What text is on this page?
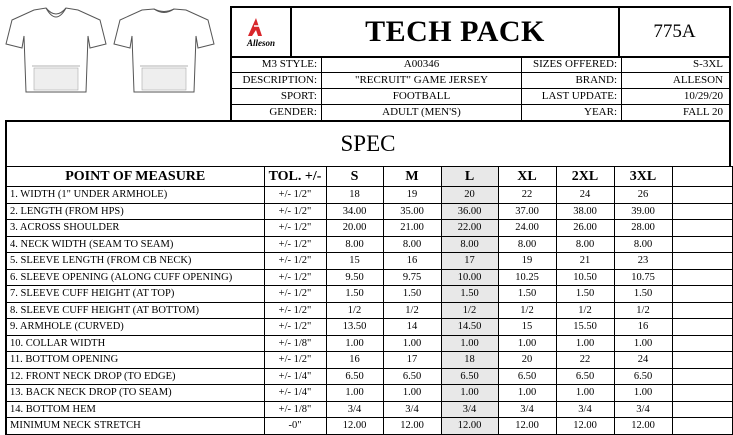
Alleson	TECH PACK	775A
M3 STYLE:	A00346	SIZES OFFERED:	S-3XL
DESCRIPTION:	"RECRUIT" GAME JERSEY	BRAND:	ALLESON
SPORT:	FOOTBALL	LAST UPDATE:	10/29/20
GENDER:	ADULT (MEN'S)	YEAR:	FALL 20
SPEC
POINT OF MEASURE	TOL. +/-	S	M	L	XL	2XL	3XL	
1. WIDTH (1" UNDER ARMHOLE)	+/- 1/2"	18	19	20	22	24	26	
2. LENGTH (FROM HPS)	+/- 1/2"	34.00	35.00	36.00	37.00	38.00	39.00	
3. ACROSS SHOULDER	+/- 1/2"	20.00	21.00	22.00	24.00	26.00	28.00	
4. NECK WIDTH (SEAM TO SEAM)	+/- 1/2"	8.00	8.00	8.00	8.00	8.00	8.00	
5. SLEEVE LENGTH (FROM CB NECK)	+/- 1/2"	15	16	17	19	21	23	
6. SLEEVE OPENING (ALONG CUFF OPENING)	+/- 1/2"	9.50	9.75	10.00	10.25	10.50	10.75	
7. SLEEVE CUFF HEIGHT (AT TOP)	+/- 1/2"	1.50	1.50	1.50	1.50	1.50	1.50	
8. SLEEVE CUFF HEIGHT (AT BOTTOM)	+/- 1/2"	1/2	1/2	1/2	1/2	1/2	1/2	
9. ARMHOLE (CURVED)	+/- 1/2"	13.50	14	14.50	15	15.50	16	
10. COLLAR WIDTH	+/- 1/8"	1.00	1.00	1.00	1.00	1.00	1.00	
11. BOTTOM OPENING	+/- 1/2"	16	17	18	20	22	24	
12. FRONT NECK DROP (TO EDGE)	+/- 1/4"	6.50	6.50	6.50	6.50	6.50	6.50	
13. BACK NECK DROP (TO SEAM)	+/- 1/4"	1.00	1.00	1.00	1.00	1.00	1.00	
14. BOTTOM HEM	+/- 1/8"	3/4	3/4	3/4	3/4	3/4	3/4	
MINIMUM NECK STRETCH	-0"	12.00	12.00	12.00	12.00	12.00	12.00	
